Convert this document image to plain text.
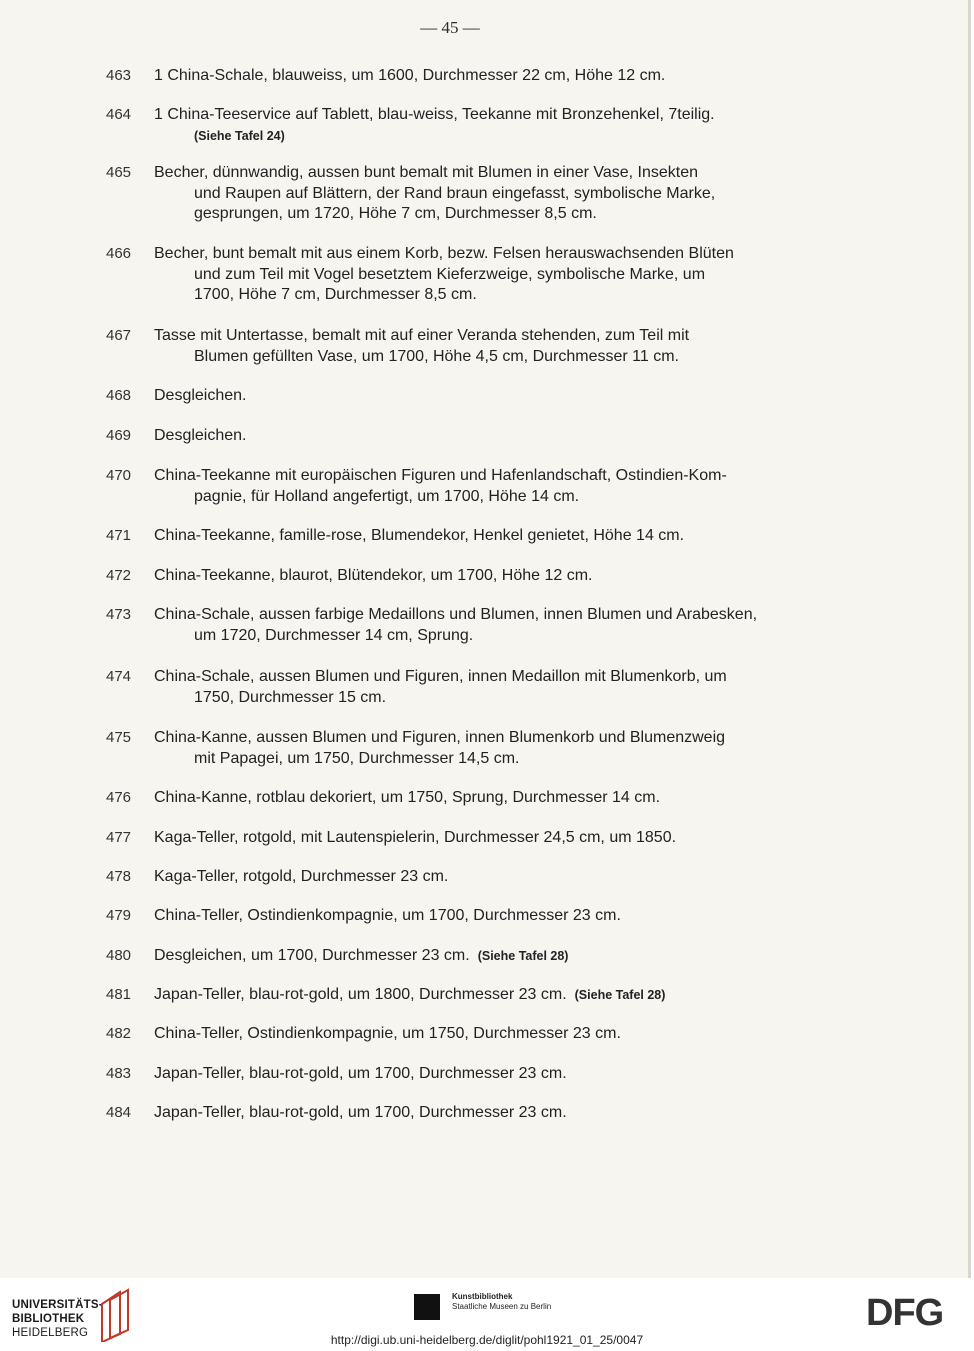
— 45 —
463	1 China-Schale, blauweiss, um 1600, Durchmesser 22 cm, Höhe 12 cm.
464	1 China-Teeservice auf Tablett, blau-weiss, Teekanne mit Bronzehenkel, 7teilig.
(Siehe Tafel 24)
465	Becher, dünnwandig, aussen bunt bemalt mit Blumen in einer Vase, Insekten
und Raupen auf Blättern, der Rand braun eingefasst, symbolische Marke,
gesprungen, um 1720, Höhe 7 cm, Durchmesser 8,5 cm.
466	Becher, bunt bemalt mit aus einem Korb, bezw. Felsen herauswachsenden Blüten
und zum Teil mit Vogel besetztem Kieferzweige, symbolische Marke, um
1700, Höhe 7 cm, Durchmesser 8,5 cm.
467	Tasse mit Untertasse, bemalt mit auf einer Veranda stehenden, zum Teil mit
Blumen gefüllten Vase, um 1700, Höhe 4,5 cm, Durchmesser 11 cm.
468	Desgleichen.
469	Desgleichen.
470	China-Teekanne mit europäischen Figuren und Hafenlandschaft, Ostindien-Kom-
pagnie, für Holland angefertigt, um 1700, Höhe 14 cm.
471	China-Teekanne, famille-rose, Blumendekor, Henkel genietet, Höhe 14 cm.
472	China-Teekanne, blaurot, Blütendekor, um 1700, Höhe 12 cm.
473	China-Schale, aussen farbige Medaillons und Blumen, innen Blumen und Arabesken,
um 1720, Durchmesser 14 cm, Sprung.
474	China-Schale, aussen Blumen und Figuren, innen Medaillon mit Blumenkorb, um
1750, Durchmesser 15 cm.
475	China-Kanne, aussen Blumen und Figuren, innen Blumenkorb und Blumenzweig
mit Papagei, um 1750, Durchmesser 14,5 cm.
476	China-Kanne, rotblau dekoriert, um 1750, Sprung, Durchmesser 14 cm.
477	Kaga-Teller, rotgold, mit Lautenspielerin, Durchmesser 24,5 cm, um 1850.
478	Kaga-Teller, rotgold, Durchmesser 23 cm.
479	China-Teller, Ostindienkompagnie, um 1700, Durchmesser 23 cm.
480	Desgleichen, um 1700, Durchmesser 23 cm. (Siehe Tafel 28)
481	Japan-Teller, blau-rot-gold, um 1800, Durchmesser 23 cm. (Siehe Tafel 28)
482	China-Teller, Ostindienkompagnie, um 1750, Durchmesser 23 cm.
483	Japan-Teller, blau-rot-gold, um 1700, Durchmesser 23 cm.
484	Japan-Teller, blau-rot-gold, um 1700, Durchmesser 23 cm.
UNIVERSITÄTS-
BIBLIOTHEK
HEIDELBERG
Kunstbibliothek
Staatliche Museen zu Berlin	DFG
http://digi.ub.uni-heidelberg.de/diglit/pohl1921_01_25/0047
